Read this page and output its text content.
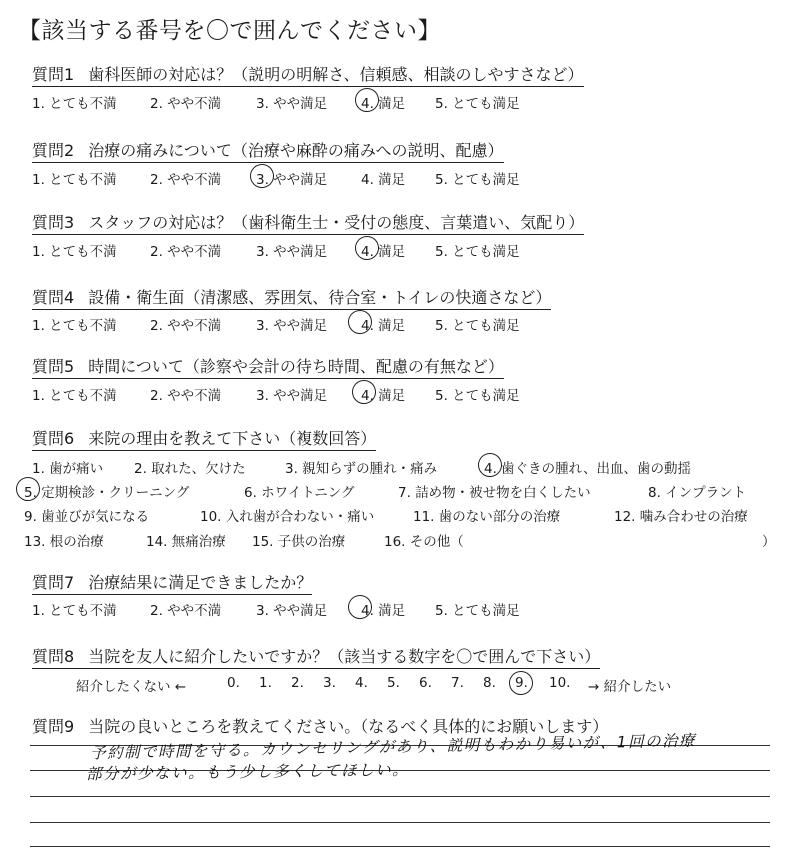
【該当する番号を〇で囲んでください】
質問1 歯科医師の対応は？（説明の明解さ、信頼感、相談のしやすさなど）
1. とても不満 2. やや不満	3. やや満足	4. 満足 5. とても満足
質問2 治療の痛みについて（治療や麻酔の痛みへの説明、配慮）
1. とても不満 2. やや不満	3. やや満足	4. 満足 5. とても満足
質問3 スタッフの対応は？（歯科衛生士・受付の態度、言葉遣い、気配り）
1. とても不満 2. やや不満	3. やや満足	4. 満足 5. とても満足
質問4 設備・衛生面（清潔感、雰囲気、待合室・トイレの快適さなど）
1. とても不満 2. やや不満	3. やや満足	4. 満足 5. とても満足
質問5 時間について（診察や会計の待ち時間、配慮の有無など）
1. とても不満 2. やや不満	3. やや満足	4. 満足 5. とても満足
質問6 来院の理由を教えて下さい（複数回答）
1. 歯が痛い 2. 取れた、欠けた	3. 親知らずの腫れ・痛み	4. 歯ぐきの腫れ、出血、歯の動揺
5. 定期検診・クリーニング	6. ホワイトニング	7. 詰め物・被せ物を白くしたい	8. インプラント
9. 歯並びが気になる	10. 入れ歯が合わない・痛い	11. 歯のない部分の治療	12. 噛み合わせの治療
13. 根の治療	14. 無痛治療 15. 子供の治療	16. その他（	）
質問7 治療結果に満足できましたか？
1. とても不満 2. やや不満	3. やや満足	4. 満足 5. とても満足
質問8 当院を友人に紹介したいですか？（該当する数字を〇で囲んで下さい）
紹介したくない ←	0. 1. 2. 3. 4. 5. 6. 7. 8. 9. 10. → 紹介したい
質問9 当院の良いところを教えてください。（なるべく具体的にお願いします）
予約制で時間を守る。カウンセリングがあり、説明もわかり易いが、1回の治療
部分が少ない。もう少し多くしてほしい。
